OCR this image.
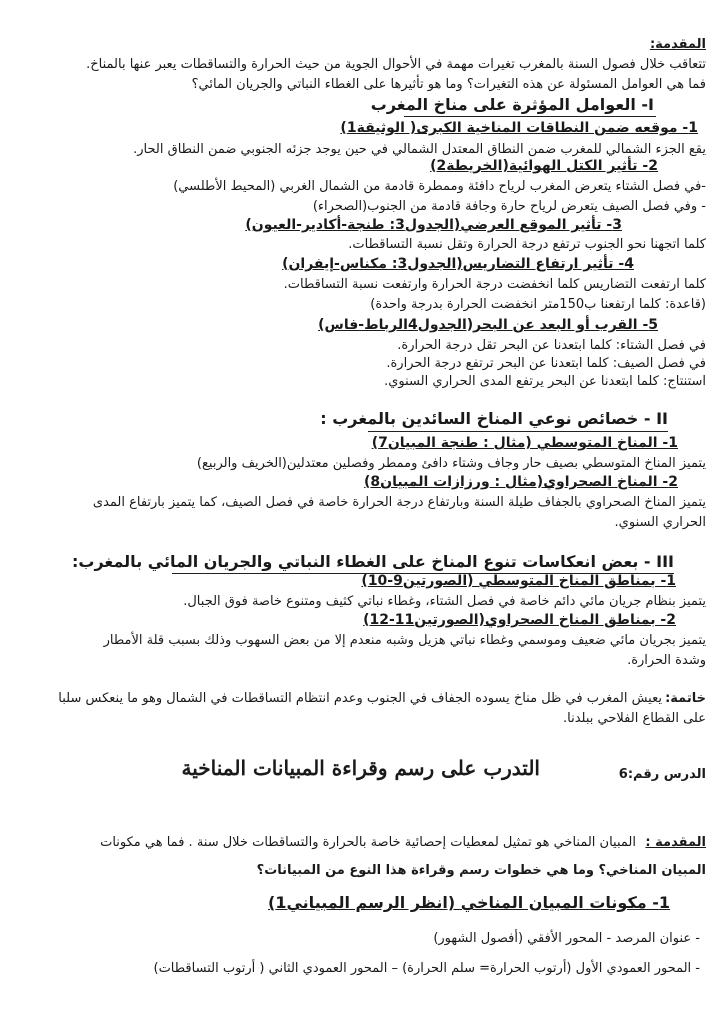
المقدمة:
تتعاقب خلال فصول السنة بالمغرب تغيرات مهمة في الأحوال الجوية من حيث الحرارة والتساقطات يعبر عنها بالمناخ.
فما هي العوامل المسئولة عن هذه التغيرات؟ وما هو تأثيرها على الغطاء النباتي والجريان المائي؟
I- العوامل المؤثرة على مناخ المغرب
1- موقعه ضمن النطاقات المناخية الكبرى( الوثيقة1)
يقع الجزء الشمالي للمغرب ضمن النطاق المعتدل الشمالي في حين يوجد جزئه الجنوبي ضمن النطاق الحار.
2- تأثير الكتل الهوائية(الخريطة2)
-في فصل الشتاء يتعرض المغرب لرياح دافئة وممطرة قادمة من الشمال الغربي (المحيط الأطلسي)
- وفي فصل الصيف يتعرض لرياح حارة وجافة قادمة من الجنوب(الصحراء)
3- تأثير الموقع العرضي(الجدول3: طنجة-أكادير-العيون)
كلما اتجهنا نحو الجنوب ترتفع درجة الحرارة وتقل نسبة التساقطات.
4- تأثير ارتفاع التضاريس(الجدول3: مكناس-إيفران)
كلما ارتفعت التضاريس كلما انخفضت درجة الحرارة وارتفعت نسبة التساقطات.
(قاعدة: كلما ارتفعنا ب150متر انخفضت الحرارة بدرجة واحدة)
5- القرب أو البعد عن البحر(الجدول4الرباط-فاس)
في فصل الشتاء: كلما ابتعدنا عن البحر تقل درجة الحرارة.
في فصل الصيف: كلما ابتعدنا عن البحر ترتفع درجة الحرارة.
استنتاج: كلما ابتعدنا عن البحر يرتفع المدى الحراري السنوي.
II - خصائص نوعي المناخ السائدين بالمغرب :
1- المناخ المتوسطي (مثال : طنجة المبيان7)
يتميز المناخ المتوسطي بصيف حار وجاف وشتاء دافئ وممطر وفصلين معتدلين(الخريف والربيع)
2- المناخ الصحراوي(مثال : ورزازات المبيان8)
يتميز المناخ الصحراوي بالجفاف طيلة السنة وبارتفاع درجة الحرارة خاصة في فصل الصيف، كما يتميز بارتفاع المدى
الحراري السنوي.
III - بعض انعكاسات تنوع المناخ على الغطاء النباتي والجريان المائي بالمغرب:
1- بمناطق المناخ المتوسطي (الصورتين9-10)
يتميز بنظام جريان مائي دائم خاصة في فصل الشتاء، وغطاء نباتي كثيف ومتنوع خاصة فوق الجبال.
2- بمناطق المناخ الصحراوي(الصورتين11-12)
يتميز بجريان مائي ضعيف وموسمي وغطاء نباتي هزيل وشبه منعدم إلا من بعض السهوب وذلك بسبب قلة الأمطار
وشدة الحرارة.
خاتمة:
يعيش المغرب في ظل مناخ يسوده الجفاف في الجنوب وعدم انتظام التساقطات في الشمال وهو ما ينعكس سلبا
على القطاع الفلاحي ببلدنا.
الدرس رقم:6
التدرب على رسم وقراءة المبيانات المناخية
المقدمة :
المبيان المناخي هو تمثيل لمعطيات إحصائية خاصة بالحرارة والتساقطات خلال سنة . فما هي مكونات
المبيان المناخي؟ وما هي خطوات رسم وقراءة هذا النوع من المبيانات؟
1- مكونات المبيان المناخي (انظر الرسم المبياني1)
- عنوان المرصد - المحور الأفقي (أفصول الشهور)
- المحور العمودي الأول (أرتوب الحرارة= سلم الحرارة) – المحور العمودي الثاني ( أرتوب التساقطات)
